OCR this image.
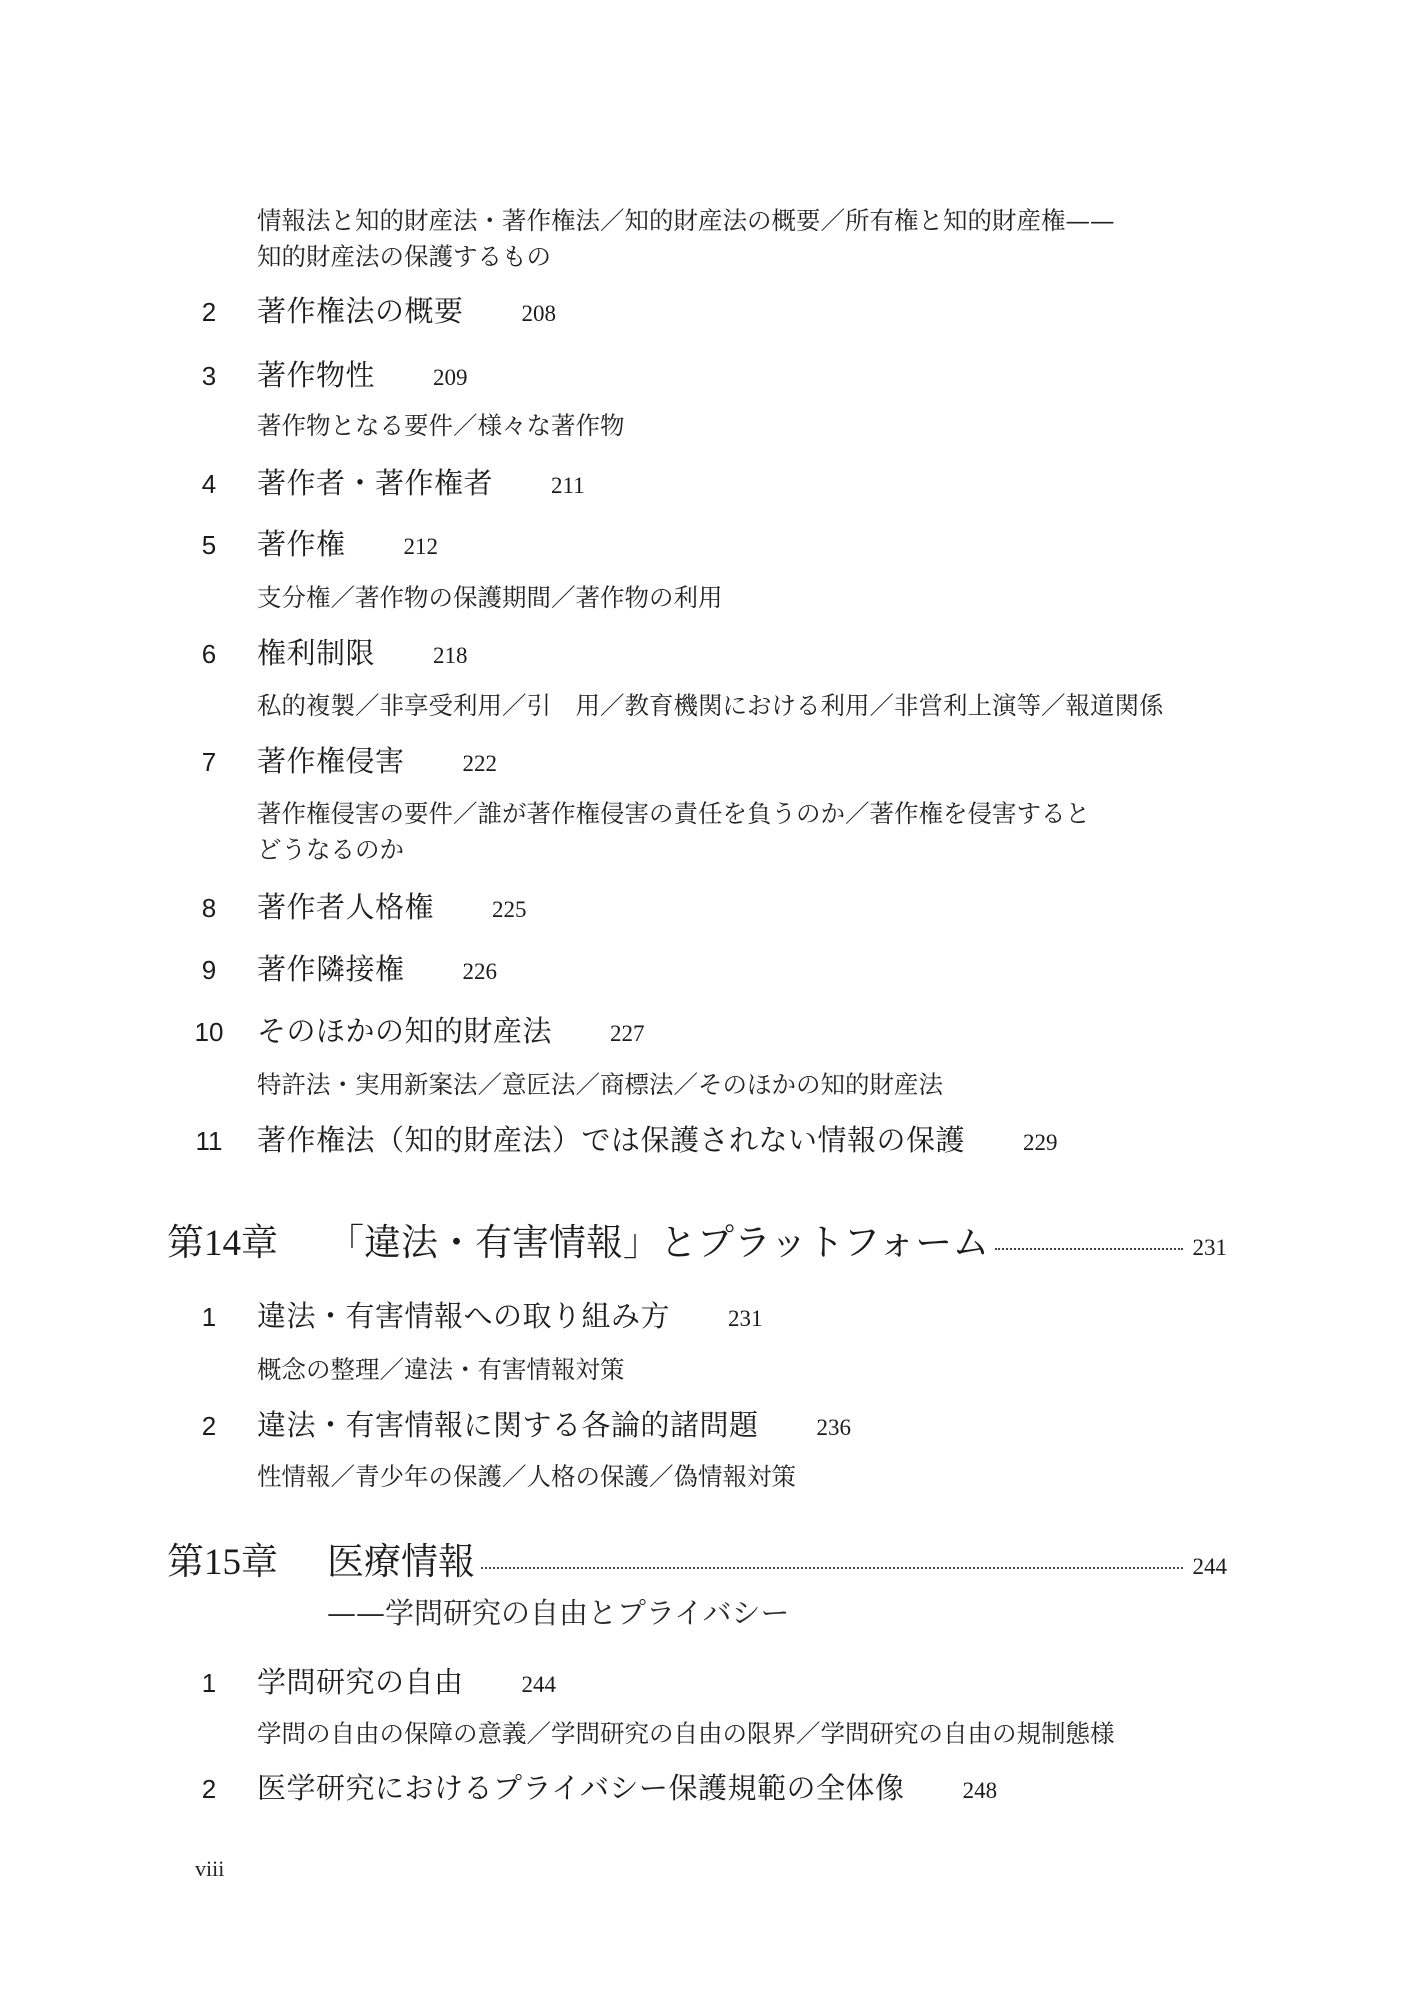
情報法と知的財産法・著作権法／知的財産法の概要／所有権と知的財産権——
知的財産法の保護するもの
2 著作権法の概要	208
3 著作物性	209
著作物となる要件／様々な著作物
4 著作者・著作権者	211
5 著作権	212
支分権／著作物の保護期間／著作物の利用
6 権利制限	218
私的複製／非享受利用／引　用／教育機関における利用／非営利上演等／報道関係
7 著作権侵害	222
著作権侵害の要件／誰が著作権侵害の責任を負うのか／著作権を侵害すると
どうなるのか
8 著作者人格権	225
9 著作隣接権	226
10 そのほかの知的財産法	227
特許法・実用新案法／意匠法／商標法／そのほかの知的財産法
11 著作権法（知的財産法）では保護されない情報の保護	229
第14章	「違法・有害情報」とプラットフォーム	231
1 違法・有害情報への取り組み方	231
概念の整理／違法・有害情報対策
2 違法・有害情報に関する各論的諸問題	236
性情報／青少年の保護／人格の保護／偽情報対策
第15章	医療情報	244
——学問研究の自由とプライバシー
1 学問研究の自由	244
学問の自由の保障の意義／学問研究の自由の限界／学問研究の自由の規制態様
2 医学研究におけるプライバシー保護規範の全体像	248
viii
